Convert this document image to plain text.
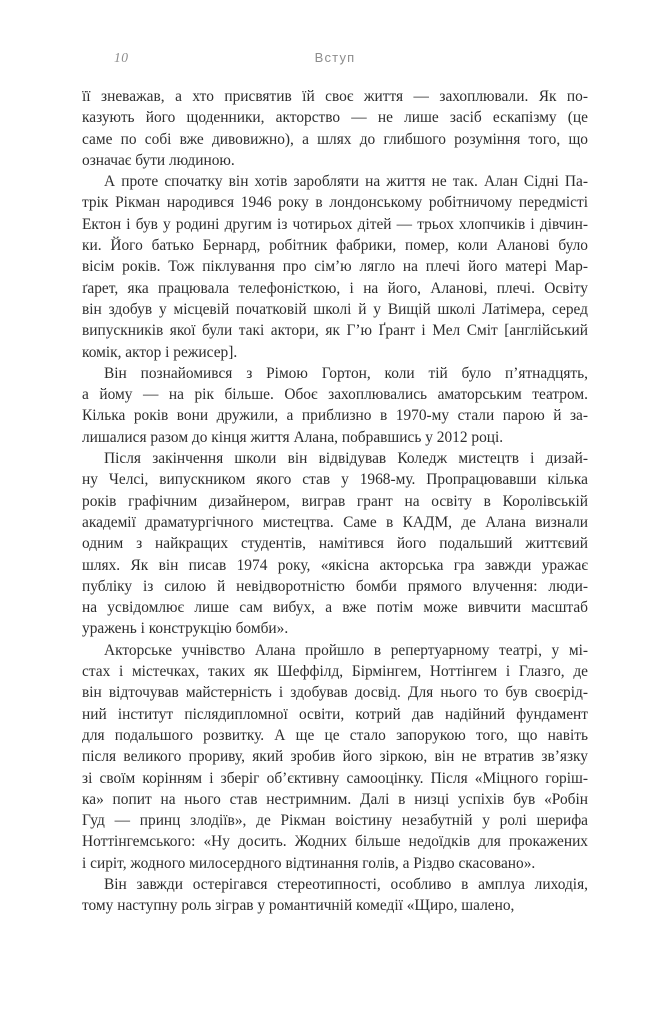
10	Вступ
її зневажав, а хто присвятив їй своє життя — захоплювали. Як по-
казують його щоденники, акторство — не лише засіб ескапізму (це
саме по собі вже дивовижно), а шлях до глибшого розуміння того, що
означає бути людиною.
А проте спочатку він хотів заробляти на життя не так. Алан Сідні Па-
трік Рікман народився 1946 року в лондонському робітничому передмісті
Ектон і був у родині другим із чотирьох дітей — трьох хлопчиків і дівчин-
ки. Його батько Бернард, робітник фабрики, помер, коли Аланові було
вісім років. Тож піклування про сім’ю лягло на плечі його матері Мар-
ґарет, яка працювала телефоністкою, і на його, Аланові, плечі. Освіту
він здобув у місцевій початковій школі й у Вищій школі Латімера, серед
випускників якої були такі актори, як Г’ю Ґрант і Мел Сміт [англійський
комік, актор і режисер].
Він познайомився з Рімою Гортон, коли тій було п’ятнадцять,
а йому — на рік більше. Обоє захоплювались аматорським театром.
Кілька років вони дружили, а приблизно в 1970-му стали парою й за-
лишалися разом до кінця життя Алана, побравшись у 2012 році.
Після закінчення школи він відвідував Коледж мистецтв і дизай-
ну Челсі, випускником якого став у 1968-му. Пропрацювавши кілька
років графічним дизайнером, виграв грант на освіту в Королівській
академії драматургічного мистецтва. Саме в КАДМ, де Алана визнали
одним з найкращих студентів, намітився його подальший життєвий
шлях. Як він писав 1974 року, «якісна акторська гра завжди уражає
публіку із силою й невідворотністю бомби прямого влучення: люди-
на усвідомлює лише сам вибух, а вже потім може вивчити масштаб
уражень і конструкцію бомби».
Акторське учнівство Алана пройшло в репертуарному театрі, у мі-
стах і містечках, таких як Шеффілд, Бірмінгем, Ноттінгем і Глазго, де
він відточував майстерність і здобував досвід. Для нього то був своєрід-
ний інститут післядипломної освіти, котрий дав надійний фундамент
для подальшого розвитку. А ще це стало запорукою того, що навіть
після великого прориву, який зробив його зіркою, він не втратив зв’язку
зі своїм корінням і зберіг об’єктивну самооцінку. Після «Міцного горіш-
ка» попит на нього став нестримним. Далі в низці успіхів був «Робін
Гуд — принц злодіїв», де Рікман воістину незабутній у ролі шерифа
Ноттінгемського: «Ну досить. Жодних більше недоїдків для прокажених
і сиріт, жодного милосердного відтинання голів, а Різдво скасовано».
Він завжди остерігався стереотипності, особливо в амплуа лиходія,
тому наступну роль зіграв у романтичній комедії «Щиро, шалено,
